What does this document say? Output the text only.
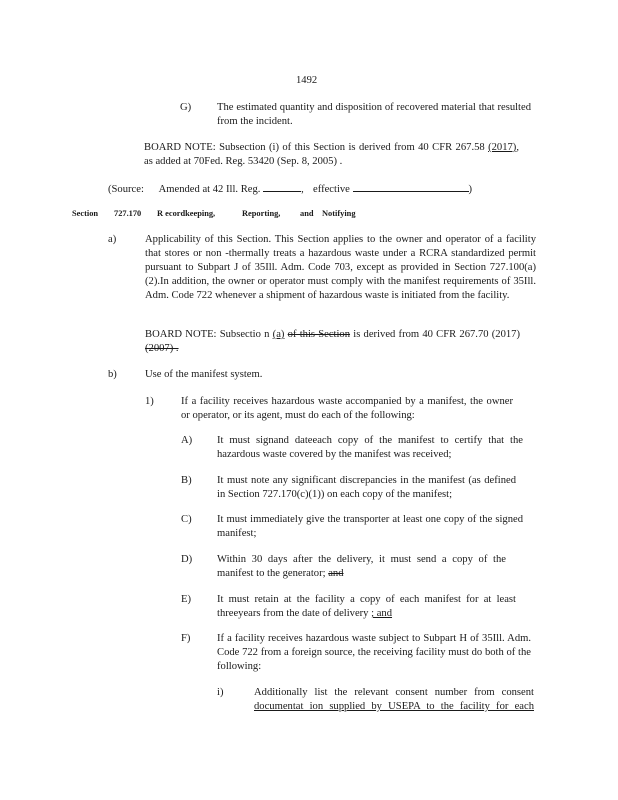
1492
G) The estimated quantity and disposition of recovered material that resulted from the incident.

BOARD NOTE: Subsection (i) of this Section is derived from 40 CFR 267.58 (2017), as added at 70Fed. Reg. 53420 (Sep. 8, 2005) .

(Source: Amended at 42 Ill. Reg.	,  effective	)
Section 727.170 R ecordkeeping,	Reporting, and Notifying
a)	Applicability of this Section. This Section applies to the owner and operator of a facility that stores or non -thermally treats a hazardous waste under a RCRA standardized permit pursuant to Subpart J of 35Ill. Adm. Code 703, except as provided in Section 727.100(a)(2).In addition, the owner or operator must comply with the manifest requirements of 35Ill. Adm. Code 722 whenever a shipment of hazardous waste is initiated from the facility.

BOARD NOTE: Subsectio n (a) of this Section is derived from 40 CFR 267.70 (2017) (2007) .

b)	Use of the manifest system.
1)	If a facility receives hazardous waste accompanied by a manifest, the owner or operator, or its agent, must do each of the following:

A) It must signand dateeach copy of the manifest to certify that the hazardous waste covered by the manifest was received;

B) It must note any significant discrepancies in the manifest (as defined in Section 727.170(c)(1)) on each copy of the manifest;

C) It must immediately give the transporter at least one copy of the signed manifest;

D) Within 30 days after the delivery, it must send a copy of the manifest to the generator; and

E) It must retain at the facility a copy of each manifest for at least threeyears from the date of delivery ; and

F)	If a facility receives hazardous waste subject to Subpart H of 35Ill. Adm. Code 722 from a foreign source, the receiving facility must do both of the following:

i)	Additionally list the relevant consent number from consent

documentat ion supplied by USEPA to the facility for each
